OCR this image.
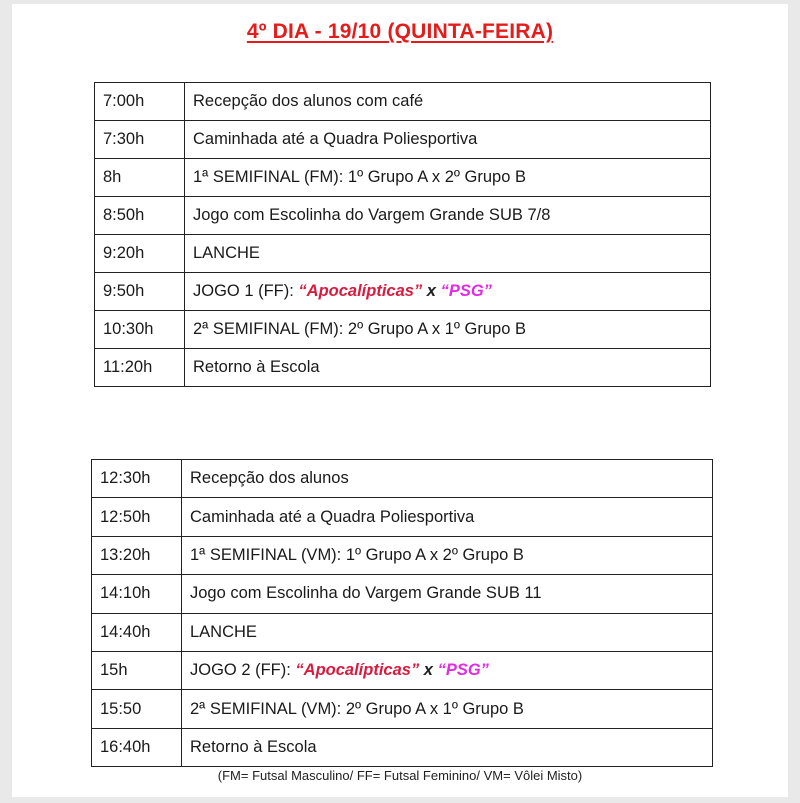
4º DIA - 19/10 (QUINTA-FEIRA)
7:00h	Recepção dos alunos com café
7:30h	Caminhada até a Quadra Poliesportiva
8h	1ª SEMIFINAL (FM): 1º Grupo A x 2º Grupo B
8:50h	Jogo com Escolinha do Vargem Grande SUB 7/8
9:20h	LANCHE
9:50h	JOGO 1 (FF): “Apocalípticas” x “PSG”
10:30h	2ª SEMIFINAL (FM): 2º Grupo A x 1º Grupo B
11:20h	Retorno à Escola
12:30h	Recepção dos alunos
12:50h	Caminhada até a Quadra Poliesportiva
13:20h	1ª SEMIFINAL (VM): 1º Grupo A x 2º Grupo B
14:10h	Jogo com Escolinha do Vargem Grande SUB 11
14:40h	LANCHE
15h	JOGO 2 (FF): “Apocalípticas” x “PSG”
15:50	2ª SEMIFINAL (VM): 2º Grupo A x 1º Grupo B
16:40h	Retorno à Escola
(FM= Futsal Masculino/ FF= Futsal Feminino/ VM= Vôlei Misto)
